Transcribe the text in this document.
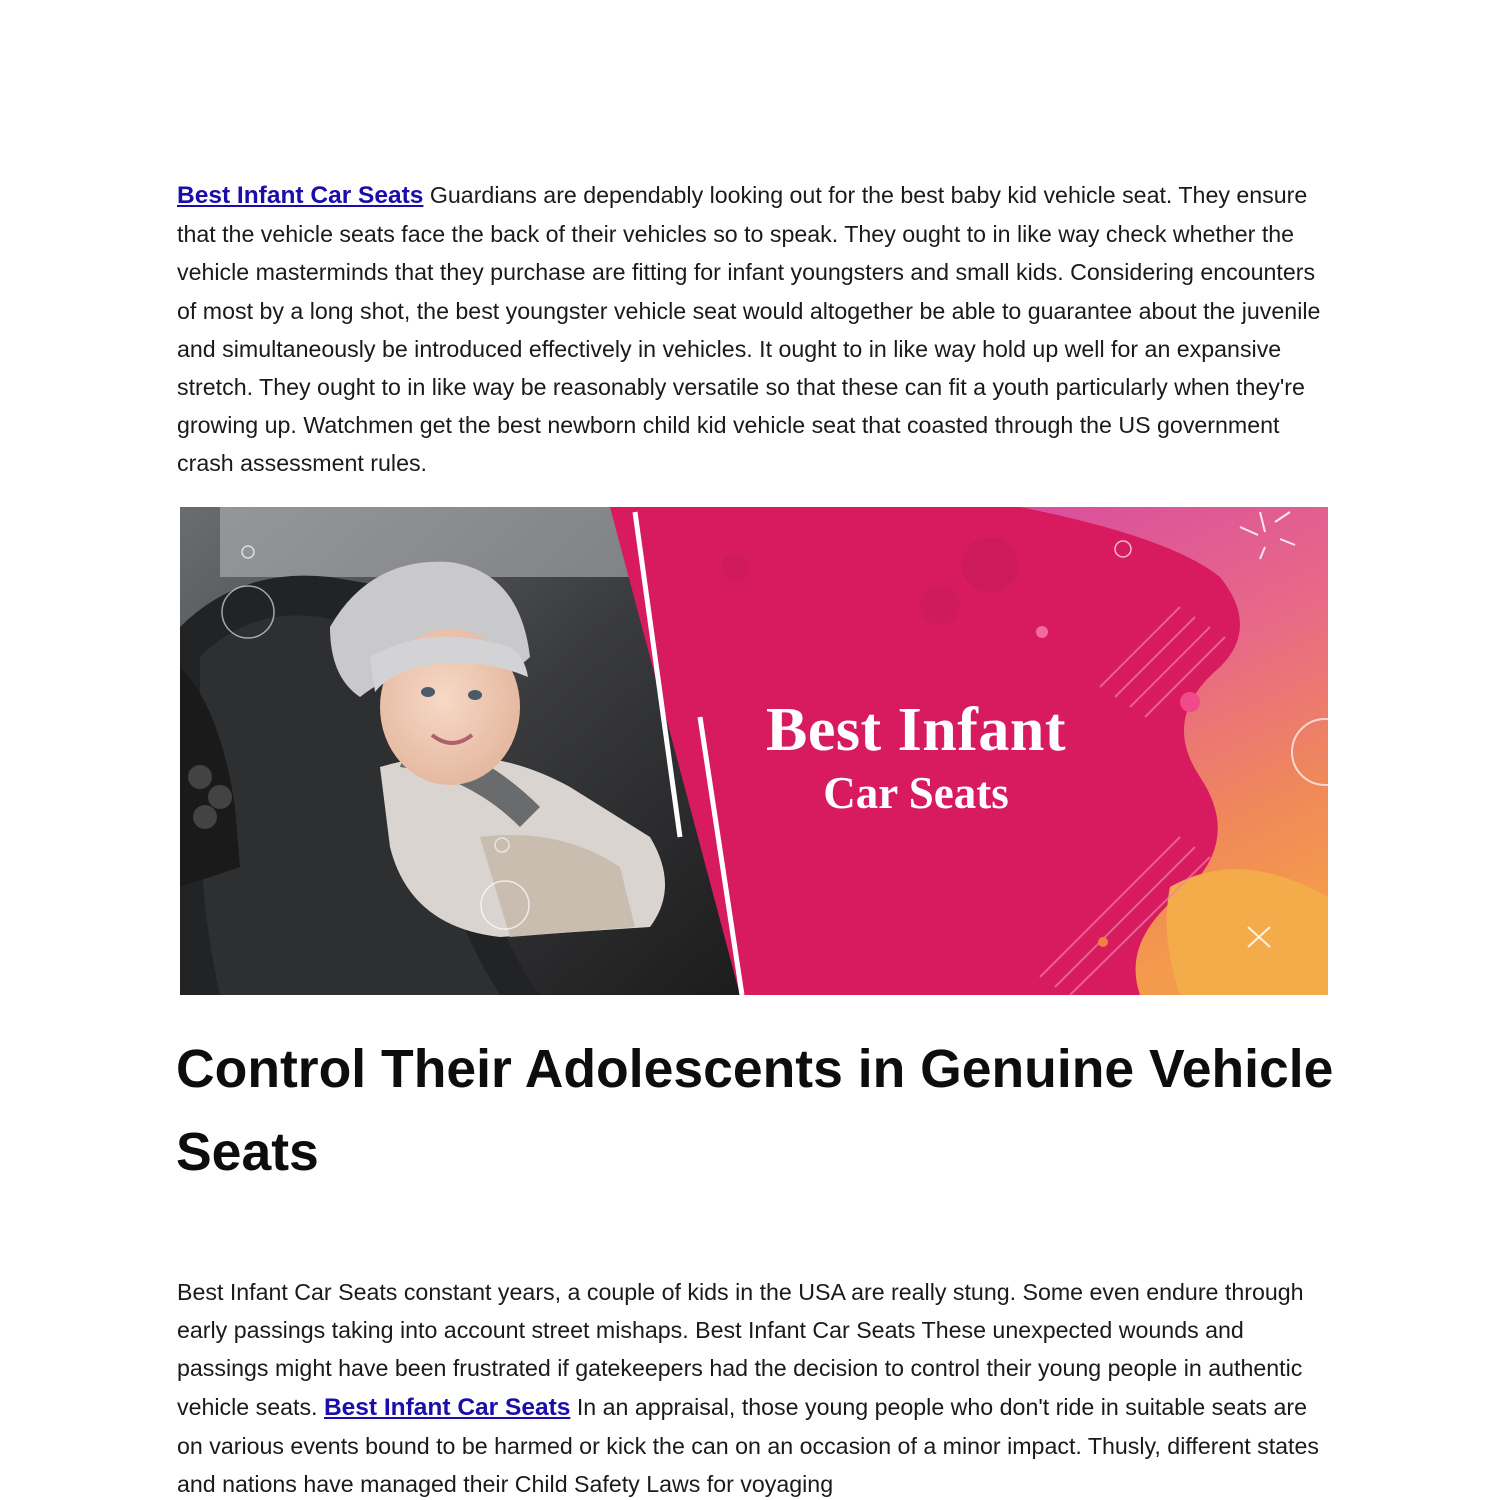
Best Infant Car Seats Guardians are dependably looking out for the best baby kid vehicle seat. They ensure that the vehicle seats face the back of their vehicles so to speak. They ought to in like way check whether the vehicle masterminds that they purchase are fitting for infant youngsters and small kids. Considering encounters of most by a long shot, the best youngster vehicle seat would altogether be able to guarantee about the juvenile and simultaneously be introduced effectively in vehicles. It ought to in like way hold up well for an expansive stretch. They ought to in like way be reasonably versatile so that these can fit a youth particularly when they're growing up. Watchmen get the best newborn child kid vehicle seat that coasted through the US government crash assessment rules.

Best Infant
Car Seats
Control Their Adolescents in Genuine Vehicle Seats

Best Infant Car Seats constant years, a couple of kids in the USA are really stung. Some even endure through early passings taking into account street mishaps. Best Infant Car Seats These unexpected wounds and passings might have been frustrated if gatekeepers had the decision to control their young people in authentic vehicle seats. Best Infant Car Seats In an appraisal, those young people who don't ride in suitable seats are on various events bound to be harmed or kick the can on an occasion of a minor impact. Thusly, different states and nations have managed their Child Safety Laws for voyaging
